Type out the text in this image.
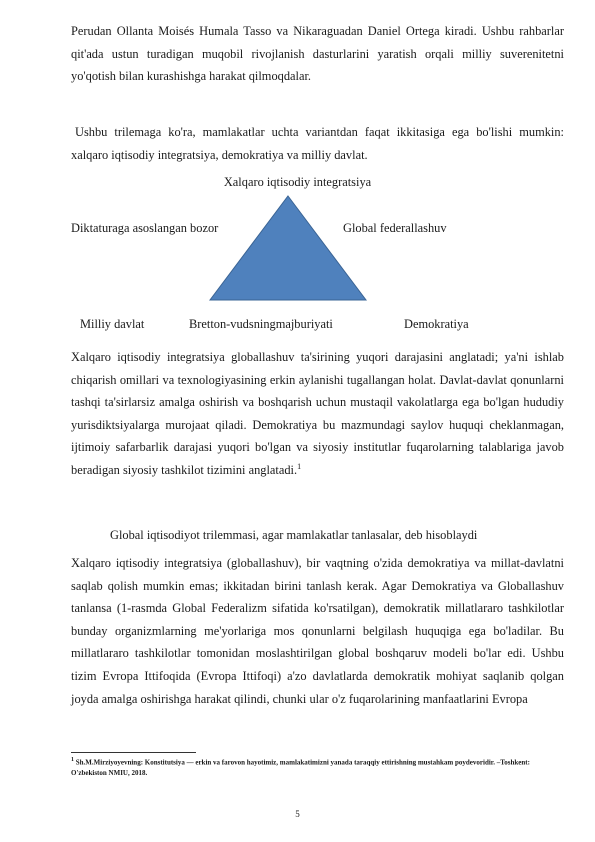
Perudan Ollanta Moisés Humala Tasso va Nikaraguadan Daniel Ortega kiradi. Ushbu rahbarlar qit'ada ustun turadigan muqobil rivojlanish dasturlarini yaratish orqali milliy suverenitetni yo'qotish bilan kurashishga harakat qilmoqdalar.
Ushbu trilemaga ko'ra, mamlakatlar uchta variantdan faqat ikkitasiga ega bo'lishi mumkin: xalqaro iqtisodiy integratsiya, demokratiya va milliy davlat.
Xalqaro iqtisodiy integratsiya
Diktaturaga asoslangan bozor	Global federallashuv
Milliy davlat	Bretton-vudsningmajburiyati	Demokratiya
Xalqaro iqtisodiy integratsiya globallashuv ta'sirining yuqori darajasini anglatadi; ya'ni ishlab chiqarish omillari va texnologiyasining erkin aylanishi tugallangan holat. Davlat-davlat qonunlarni tashqi ta'sirlarsiz amalga oshirish va boshqarish uchun mustaqil vakolatlarga ega bo'lgan hududiy yurisdiktsiyalarga murojaat qiladi. Demokratiya bu mazmundagi saylov huquqi cheklanmagan, ijtimoiy safarbarlik darajasi yuqori bo'lgan va siyosiy institutlar fuqarolarning talablariga javob beradigan siyosiy tashkilot tizimini anglatadi.$^1$
Global iqtisodiyot trilemmasi, agar mamlakatlar tanlasalar, deb hisoblaydi
Xalqaro iqtisodiy integratsiya (globallashuv), bir vaqtning o'zida demokratiya va millat-davlatni saqlab qolish mumkin emas; ikkitadan birini tanlash kerak. Agar Demokratiya va Globallashuv tanlansa (1-rasmda Global Federalizm sifatida ko'rsatilgan), demokratik millatlararo tashkilotlar bunday organizmlarning me'yorlariga mos qonunlarni belgilash huquqiga ega bo'ladilar. Bu millatlararo tashkilotlar tomonidan moslashtirilgan global boshqaruv modeli bo'lar edi. Ushbu tizim Evropa Ittifoqida (Evropa Ittifoqi) a'zo davlatlarda demokratik mohiyat saqlanib qolgan joyda amalga oshirishga harakat qilindi, chunki ular o'z fuqarolarining manfaatlarini Evropa
$^1$ Sh.M.Mirziyoyevning: Konstitutsiya — erkin va farovon hayotimiz, mamlakatimizni yanada taraqqiy ettirishning mustahkam poydevoridir. –Toshkent: O'zbekiston NMIU, 2018.
5
